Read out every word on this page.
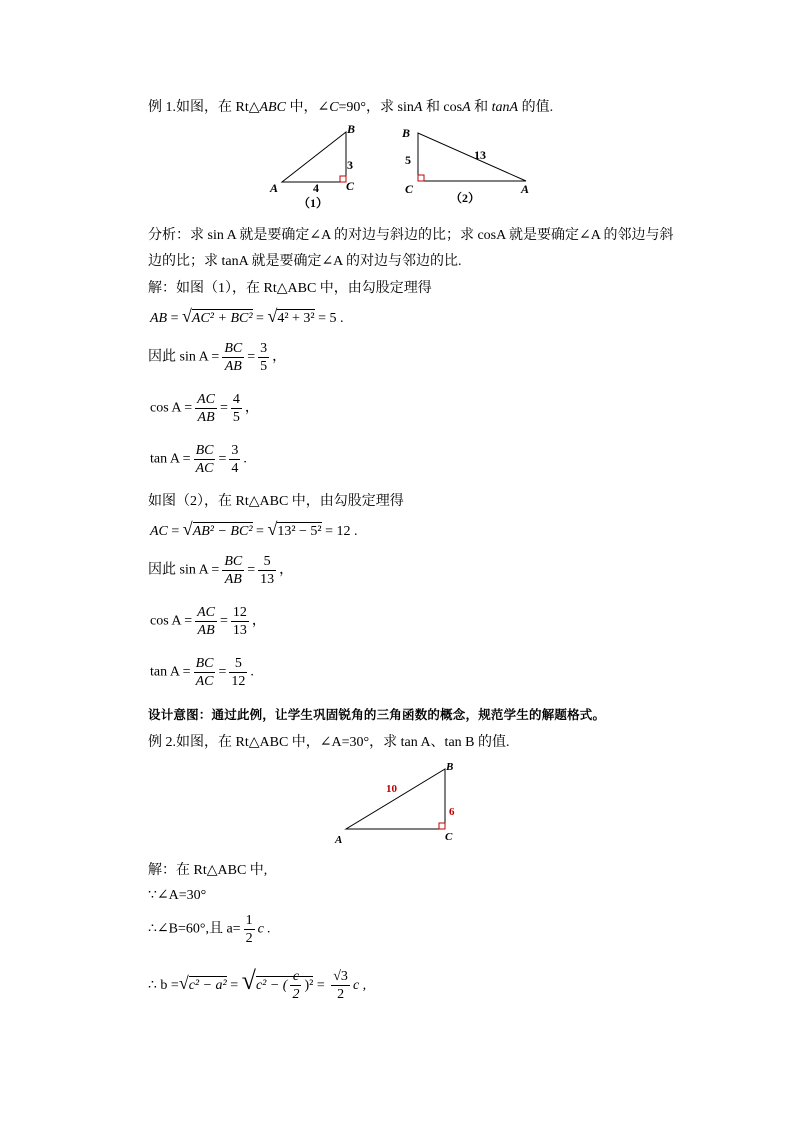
例 1.如图，在 Rt△ABC 中，∠C=90°，求 sinA 和 cosA 和 tanA 的值.
B
A	C
3
4
（1）
B
C	A
5	13
（2）
分析：求 sin A 就是要确定∠A 的对边与斜边的比；求 cosA 就是要确定∠A 的邻边与斜
边的比；求 tanA 就是要确定∠A 的对边与邻边的比.
解：如图（1），在 Rt△ABC 中，由勾股定理得
AB = √AC² + BC² = √4² + 3² = 5 .
因此 $\sin A = \frac{BC}{AB} = \frac{3}{5}$ ，
$\cos A = \frac{AC}{AB} = \frac{4}{5}$ ，
$\tan A = \frac{BC}{AC} = \frac{3}{4}$ .
如图（2），在 Rt△ABC 中，由勾股定理得
AC = √AB² − BC² = √13² − 5² = 12 .
因此 $\sin A = \frac{BC}{AB} = \frac{5}{13}$ ，
$\cos A = \frac{AC}{AB} = \frac{12}{13}$ ，
$\tan A = \frac{BC}{AC} = \frac{5}{12}$ .
设计意图：通过此例，让学生巩固锐角的三角函数的概念，规范学生的解题格式。
例 2.如图，在 Rt△ABC 中，∠A=30°，求 tan A、tan B 的值.
B
A	C
10
6
解：在 Rt△ABC 中,
∵∠A=30°
∴∠B=60°,且 $a= \frac{1}{2}$ c .
∴ b =√c² − a² = √c² − ( $\frac{c}{2} )^2 = \frac{√3}{2}$ c ,
